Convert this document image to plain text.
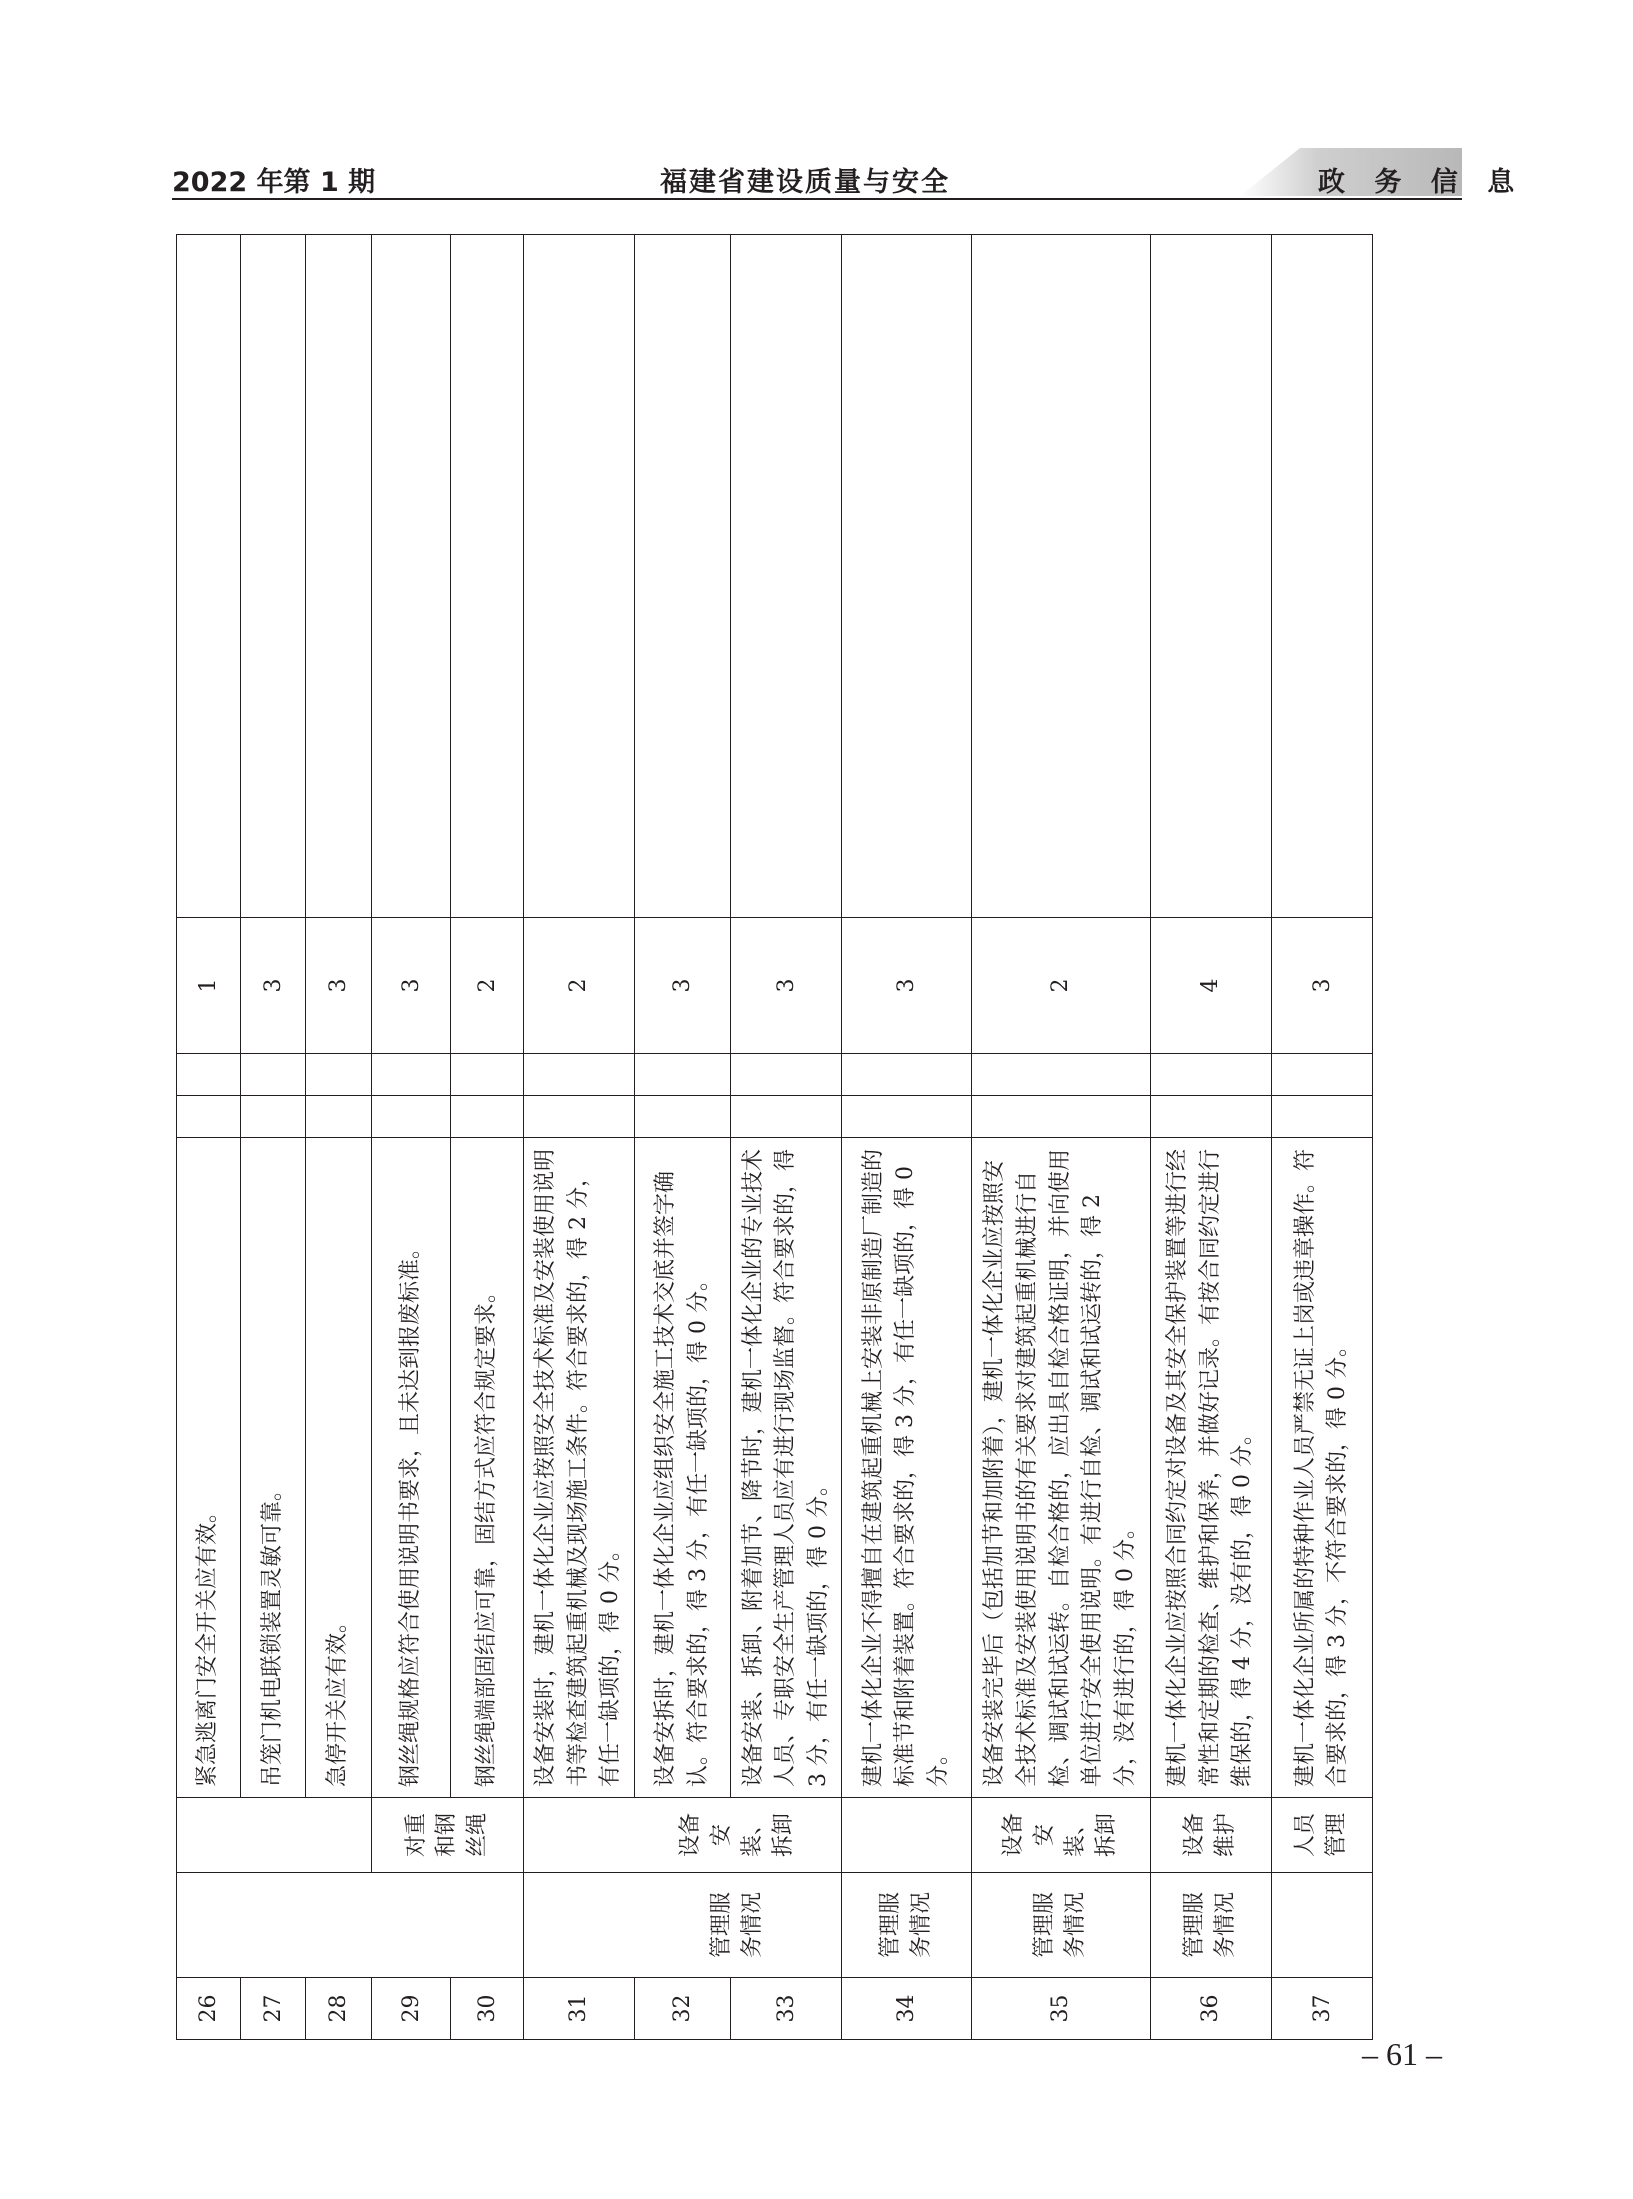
2022 年第 1 期	福建省建设质量与安全	政 务 信 息
26			紧急逃离门安全开关应有效。			1	
27			吊笼门机电联锁装置灵敏可靠。			3	
28			急停开关应有效。			3	
29		对重和钢丝绳	钢丝绳规格应符合使用说明书要求，且未达到报废标准。			3	
30			钢丝绳端部固结应可靠，固结方式应符合规定要求。			2	
31			设备安装时，建机一体化企业应按照安全技术标准及安装使用说明书等检查建筑起重机械及现场施工条件。符合要求的，得 2 分，有任一缺项的，得 0 分。			2	
32	管理服务情况	设备安装、拆卸	设备安拆时，建机一体化企业应组织安全施工技术交底并签字确认。符合要求的，得 3 分，有任一缺项的，得 0 分。			3	
33			设备安装、拆卸、附着加节、降节时，建机一体化企业的专业技术人员、专职安全生产管理人员应有进行现场监督。符合要求的，得 3 分，有任一缺项的，得 0 分。			3	
34	管理服务情况		建机一体化企业不得擅自在建筑起重机械上安装非原制造厂制造的标准节和附着装置。符合要求的，得 3 分，有任一缺项的，得 0 分。			3	
35	管理服务情况	设备安装、拆卸	设备安装完毕后（包括加节和加附着），建机一体化企业应按照安全技术标准及安装使用说明书的有关要求对建筑起重机械进行自检、调试和试运转。自检合格的，应出具自检合格证明，并向使用单位进行安全使用说明。有进行自检、调试和试运转的，得 2 分，没有进行的，得 0 分。			2	
36	管理服务情况	设备维护	建机一体化企业应按照合同约定对设备及其安全保护装置等进行经常性和定期的检查、维护和保养，并做好记录。有按合同约定进行维保的，得 4 分，没有的，得 0 分。			4	
37		人员管理	建机一体化企业所属的特种作业人员严禁无证上岗或违章操作。符合要求的，得 3 分，不符合要求的，得 0 分。			3	
– 61 –
